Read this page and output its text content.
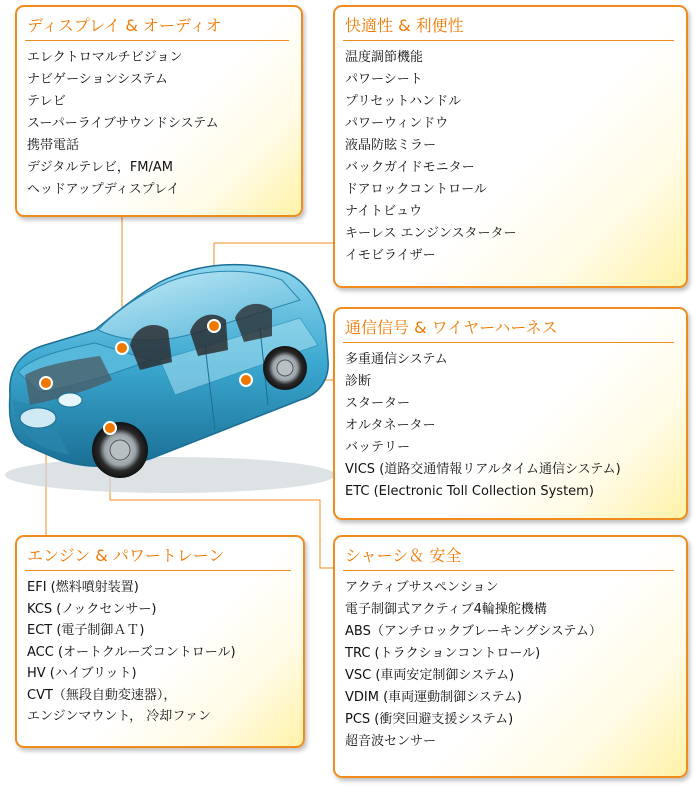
ディスプレイ & オーディオ
エレクトロマルチビジョン
ナビゲーションシステム
テレビ
スーパーライブサウンドシステム
携帯電話
デジタルテレビ，FM/AM
ヘッドアップディスプレイ
快適性 & 利便性
温度調節機能
パワーシート
プリセットハンドル
パワーウィンドウ
液晶防眩ミラー
バックガイドモニター
ドアロックコントロール
ナイトビュウ
キーレス エンジンスターター
イモビライザー
通信信号 & ワイヤーハーネス
多重通信システム
診断
スターター
オルタネーター
バッテリー
VICS (道路交通情報リアルタイム通信システム)
ETC (Electronic Toll Collection System)
エンジン & パワートレーン
EFI (燃料噴射装置)
KCS (ノックセンサー)
ECT (電子制御ＡＴ)
ACC (オートクルーズコントロール)
HV (ハイブリット)
CVT（無段自動変速器），
エンジンマウント， 冷却ファン
シャーシ＆ 安全
アクティブサスペンション
電子制御式アクティブ4輪操舵機構
ABS（アンチロックブレーキングシステム）
TRC (トラクションコントロール)
VSC (車両安定制御システム)
VDIM (車両運動制御システム)
PCS (衝突回避支援システム)
超音波センサー
